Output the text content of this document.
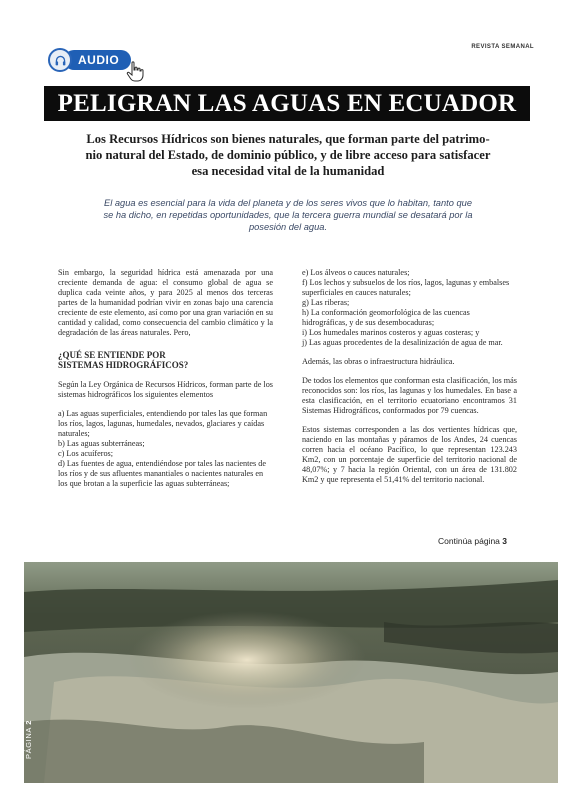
AUDIO
REVISTA SEMANAL
PELIGRAN LAS AGUAS EN ECUADOR
Los Recursos Hídricos son bienes naturales, que forman parte del patrimo-
nio natural del Estado, de dominio público, y de libre acceso para satisfacer
esa necesidad vital de la humanidad
El agua es esencial para la vida del planeta y de los seres vivos que lo habitan, tanto que
se ha dicho, en repetidas oportunidades, que la tercera guerra mundial se desatará por la
posesión del agua.

Sin embargo, la seguridad hídrica está amenazada por una creciente demanda de agua: el consumo global de agua se duplica cada veinte años, y para 2025 al menos dos terceras partes de la humanidad podrían vivir en zonas bajo una carencia creciente de este elemento, así como por una gran variación en su cantidad y calidad, como consecuencia del cambio climático y la degradación de las áreas naturales. Pero,

¿QUÉ SE ENTIENDE POR
SISTEMAS HIDROGRÁFICOS?

Según la Ley Orgánica de Recursos Hídricos, forman parte de los sistemas hidrográficos los siguientes elementos

a) Las aguas superficiales, entendiendo por tales las que forman los ríos, lagos, lagunas, humedales, nevados, glaciares y caídas naturales;
b) Las aguas subterráneas;
c) Los acuíferos;
d) Las fuentes de agua, entendiéndose por tales las nacientes de los ríos y de sus afluentes manantiales o nacientes naturales en los que brotan a la superficie las aguas subterráneas;
e) Los álveos o cauces naturales;
f) Los lechos y subsuelos de los ríos, lagos, lagunas y embalses superficiales en cauces naturales;
g) Las riberas;
h) La conformación geomorfológica de las cuencas hidrográficas, y de sus desembocaduras;
i) Los humedales marinos costeros y aguas costeras; y
j) Las aguas procedentes de la desalinización de agua de mar.

Además, las obras o infraestructura hidráulica.

De todos los elementos que conforman esta clasificación, los más reconocidos son: los ríos, las lagunas y los humedales. En base a esta clasificación, en el territorio ecuatoriano encontramos 31 Sistemas Hidrográficos, conformados por 79 cuencas.

Estos sistemas corresponden a las dos vertientes hídricas que, naciendo en las montañas y páramos de los Andes, 24 cuencas corren hacia el océano Pacífico, lo que representan 123.243 Km2, con un porcentaje de superficie del territorio nacional de 48,07%; y 7 hacia la región Oriental, con un área de 131.802 Km2 y que representa el 51,41% del territorio nacional.

Continúa página 3
PÁGINA 2
